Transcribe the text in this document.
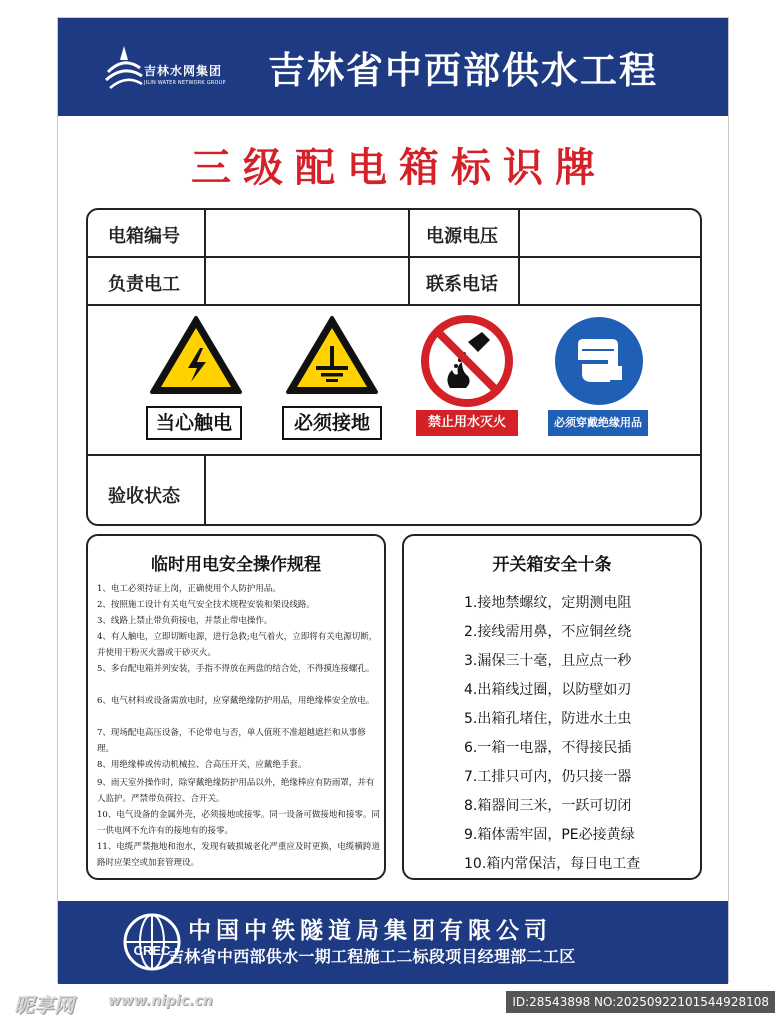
吉林水网集团
JILIN WATER NETWORK GROUP 吉林省中西部供水工程
三级配电箱标识牌
电箱编号	电源电压
负责电工	联系电话
当心触电	必须接地	禁止用水灭火	必须穿戴绝缘用品
验收状态
临时用电安全操作规程
1、电工必须持证上岗，正确使用个人防护用品。
2、按照施工设计有关电气安全技术规程安装和架设线路。
3、线路上禁止带负荷接电，并禁止带电操作。
4、有人触电，立即切断电源，进行急救;电气着火，立即将有关电源切断，并使用干粉灭火器或干砂灭火。
5、多台配电箱并列安装，手指不得放在两盘的结合处，不得摸连接螺孔。
6、电气材料或设备需放电时，应穿戴绝缘防护用品，用绝缘棒安全放电。
7、现场配电高压设备，不论带电与否，单人值班不准超越遮拦和从事修理。
8、用绝缘棒或传动机械拉、合高压开关，应戴绝手套。
9、雨天室外操作时，除穿戴绝缘防护用品以外，绝缘棒应有防雨罩，并有人监护。严禁带负荷拉、合开关。
10、电气设备的金属外壳，必须接地或接零。同一设备可做接地和接零。同一供电网不允许有的接地有的接零。
11、电缆严禁拖地和泡水，发现有破损城老化严重应及时更换，电缆横跨道路时应架空或加套管理设。
开关箱安全十条
1.接地禁螺纹，定期测电阻
2.接线需用鼻，不应铜丝绕
3.漏保三十毫，且应点一秒
4.出箱线过圈，以防壁如刃
5.出箱孔堵住，防进水土虫
6.一箱一电器，不得接民插
7.工排只可内，仍只接一器
8.箱器间三米，一跃可切闭
9.箱体需牢固，PE必接黄绿
10.箱内常保洁，每日电工查
CREC
中国中铁隧道局集团有限公司
吉林省中西部供水一期工程施工二标段项目经理部二工区
昵享网 www.nipic.cn	ID:28543898 NO:20250922101544928108
